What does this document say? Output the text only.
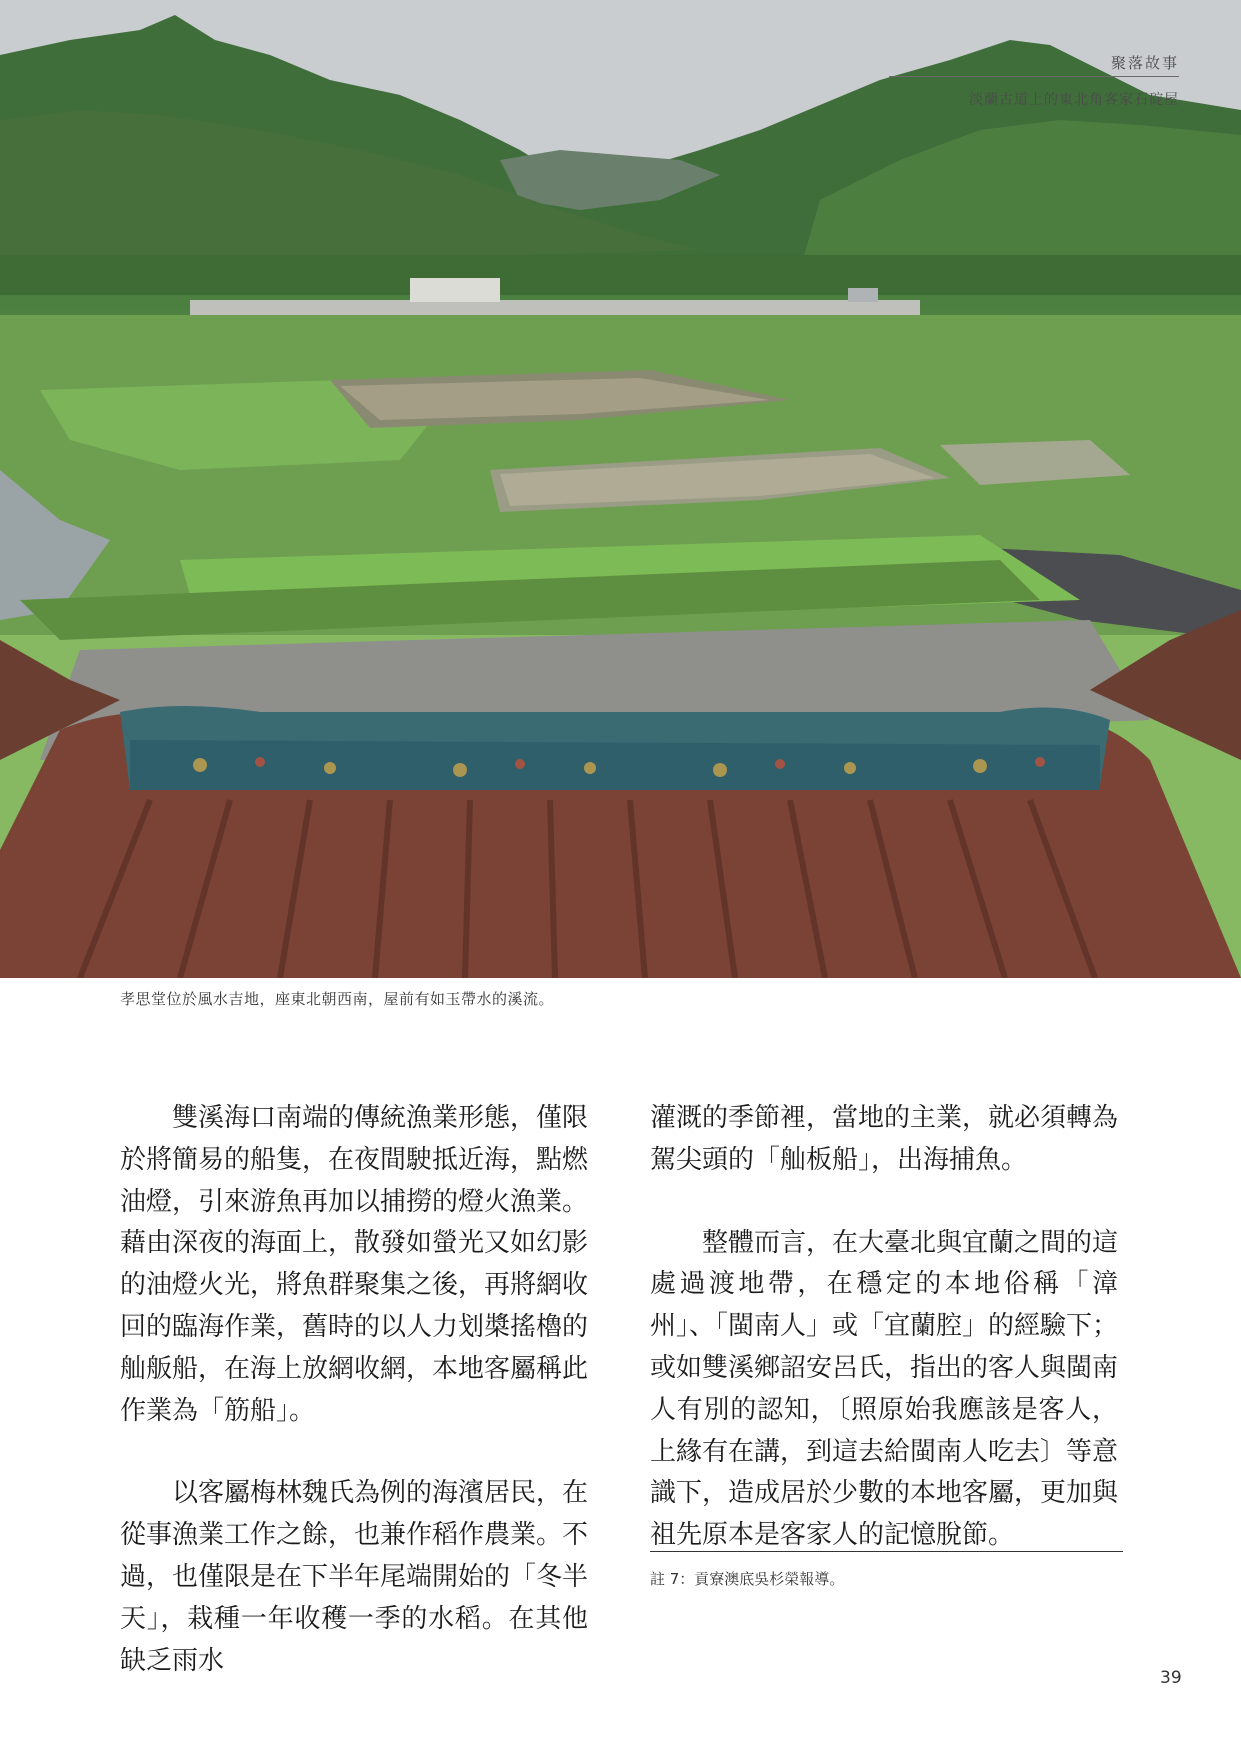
聚落故事
淡蘭古道上的東北角客家石碇屋
孝思堂位於風水吉地，座東北朝西南，屋前有如玉帶水的溪流。

雙溪海口南端的傳統漁業形態，僅限於將簡易的船隻，在夜間駛抵近海，點燃油燈，引來游魚再加以捕撈的燈火漁業。藉由深夜的海面上，散發如螢光又如幻影的油燈火光，將魚群聚集之後，再將網收回的臨海作業，舊時的以人力划槳搖櫓的舢舨船，在海上放網收網，本地客屬稱此作業為「筋船」。

以客屬梅林魏氏為例的海濱居民，在從事漁業工作之餘，也兼作稻作農業。不過，也僅限是在下半年尾端開始的「冬半天」，栽種一年收穫一季的水稻。在其他缺乏雨水

灌溉的季節裡，當地的主業，就必須轉為駕尖頭的「舢板船」，出海捕魚。

整體而言，在大臺北與宜蘭之間的這處過渡地帶，在穩定的本地俗稱「漳州」、「閩南人」或「宜蘭腔」的經驗下；或如雙溪鄉詔安呂氏，指出的客人與閩南人有別的認知，〔照原始我應該是客人，上緣有在講，到這去給閩南人吃去〕等意識下，造成居於少數的本地客屬，更加與祖先原本是客家人的記憶脫節。

註 7：貢寮澳底吳杉榮報導。
39
